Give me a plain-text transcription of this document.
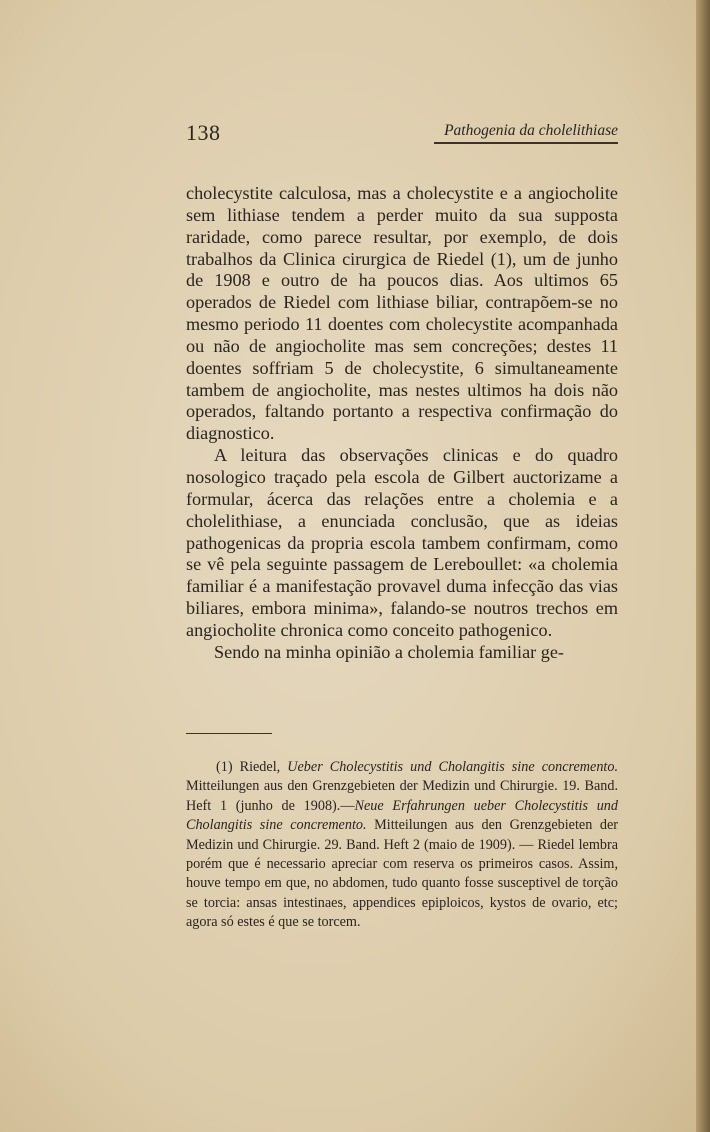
138	Pathogenia da cholelithiase

cholecystite calculosa, mas a cholecystite e a angiocholite sem lithiase tendem a perder muito da sua supposta raridade, como parece resultar, por exemplo, de dois trabalhos da Clinica cirurgica de Riedel (1), um de junho de 1908 e outro de ha poucos dias. Aos ultimos 65 operados de Riedel com lithiase biliar, contrapõem-se no mesmo periodo 11 doentes com cholecystite acompanhada ou não de angiocholite mas sem concreções; destes 11 doentes soffriam 5 de cholecystite, 6 simultaneamente tambem de angiocholite, mas nestes ultimos ha dois não operados, faltando portanto a respectiva confirmação do diagnostico.

A leitura das observações clinicas e do quadro nosologico traçado pela escola de Gilbert auctorizame a formular, ácerca das relações entre a cholemia e a cholelithiase, a enunciada conclusão, que as ideias pathogenicas da propria escola tambem confirmam, como se vê pela seguinte passagem de Lereboullet: «a cholemia familiar é a manifestação provavel duma infecção das vias biliares, embora minima», falando-se noutros trechos em angiocholite chronica como conceito pathogenico.

Sendo na minha opinião a cholemia familiar ge-

(1) Riedel, Ueber Cholecystitis und Cholangitis sine concremento. Mitteilungen aus den Grenzgebieten der Medizin und Chirurgie. 19. Band. Heft 1 (junho de 1908).—Neue Erfahrungen ueber Cholecystitis und Cholangitis sine concremento. Mitteilungen aus den Grenzgebieten der Medizin und Chirurgie. 29. Band. Heft 2 (maio de 1909). — Riedel lembra porém que é necessario apreciar com reserva os primeiros casos. Assim, houve tempo em que, no abdomen, tudo quanto fosse susceptivel de torção se torcia: ansas intestinaes, appendices epiploicos, kystos de ovario, etc; agora só estes é que se torcem.
